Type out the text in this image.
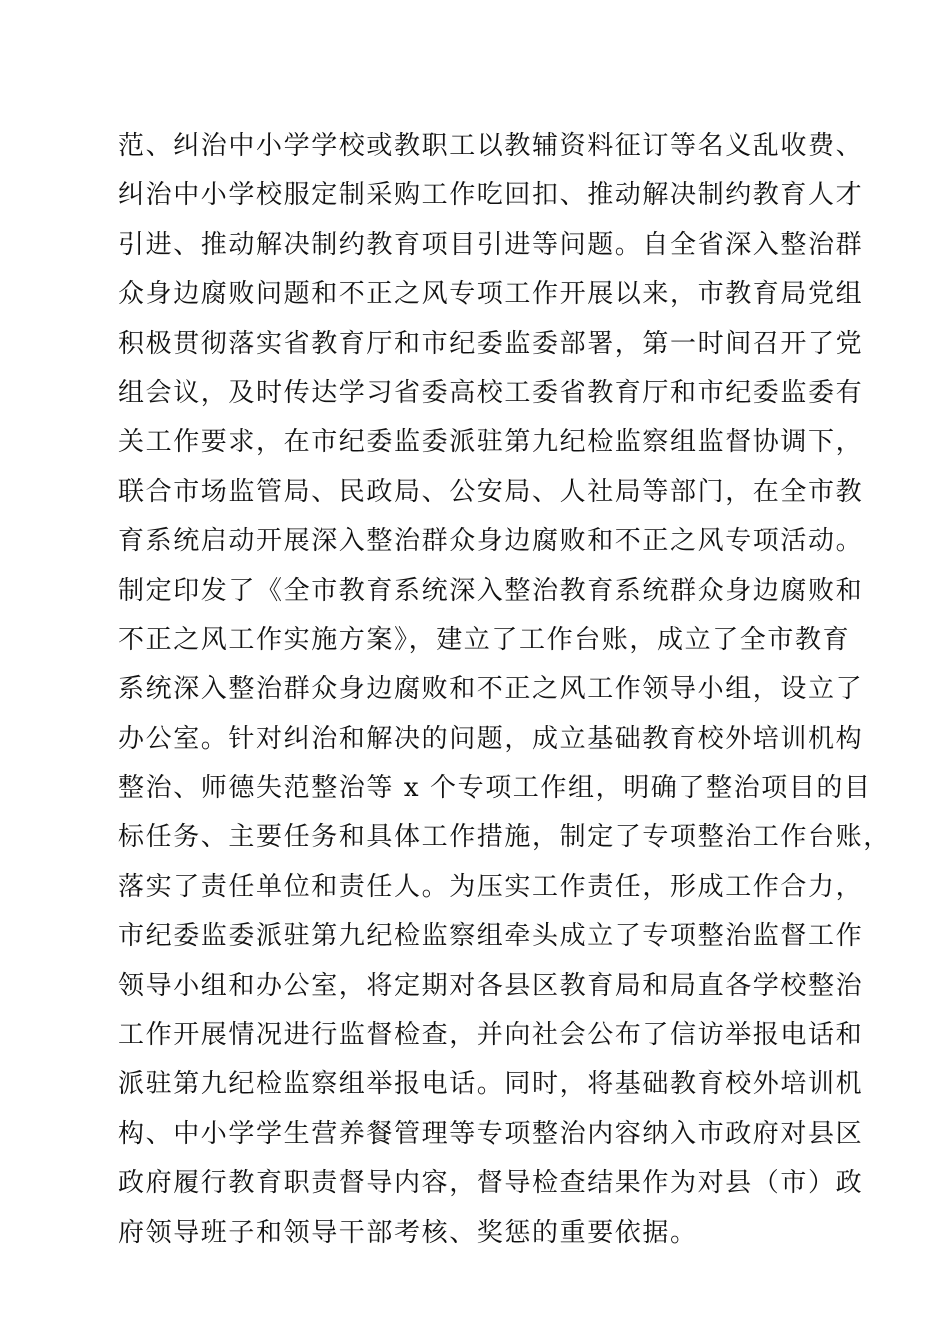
范、纠治中小学学校或教职工以教辅资料征订等名义乱收费、
纠治中小学校服定制采购工作吃回扣、推动解决制约教育人才
引进、推动解决制约教育项目引进等问题。自全省深入整治群
众身边腐败问题和不正之风专项工作开展以来，市教育局党组
积极贯彻落实省教育厅和市纪委监委部署，第一时间召开了党
组会议，及时传达学习省委高校工委省教育厅和市纪委监委有
关工作要求，在市纪委监委派驻第九纪检监察组监督协调下，
联合市场监管局、民政局、公安局、人社局等部门，在全市教
育系统启动开展深入整治群众身边腐败和不正之风专项活动。
制定印发了《全市教育系统深入整治教育系统群众身边腐败和
不正之风工作实施方案》，建立了工作台账，成立了全市教育
系统深入整治群众身边腐败和不正之风工作领导小组，设立了
办公室。针对纠治和解决的问题，成立基础教育校外培训机构
整治、师德失范整治等 x 个专项工作组，明确了整治项目的目
标任务、主要任务和具体工作措施，制定了专项整治工作台账，
落实了责任单位和责任人。为压实工作责任，形成工作合力，
市纪委监委派驻第九纪检监察组牵头成立了专项整治监督工作
领导小组和办公室，将定期对各县区教育局和局直各学校整治
工作开展情况进行监督检查，并向社会公布了信访举报电话和
派驻第九纪检监察组举报电话。同时，将基础教育校外培训机
构、中小学学生营养餐管理等专项整治内容纳入市政府对县区
政府履行教育职责督导内容，督导检查结果作为对县（市）政
府领导班子和领导干部考核、奖惩的重要依据。
